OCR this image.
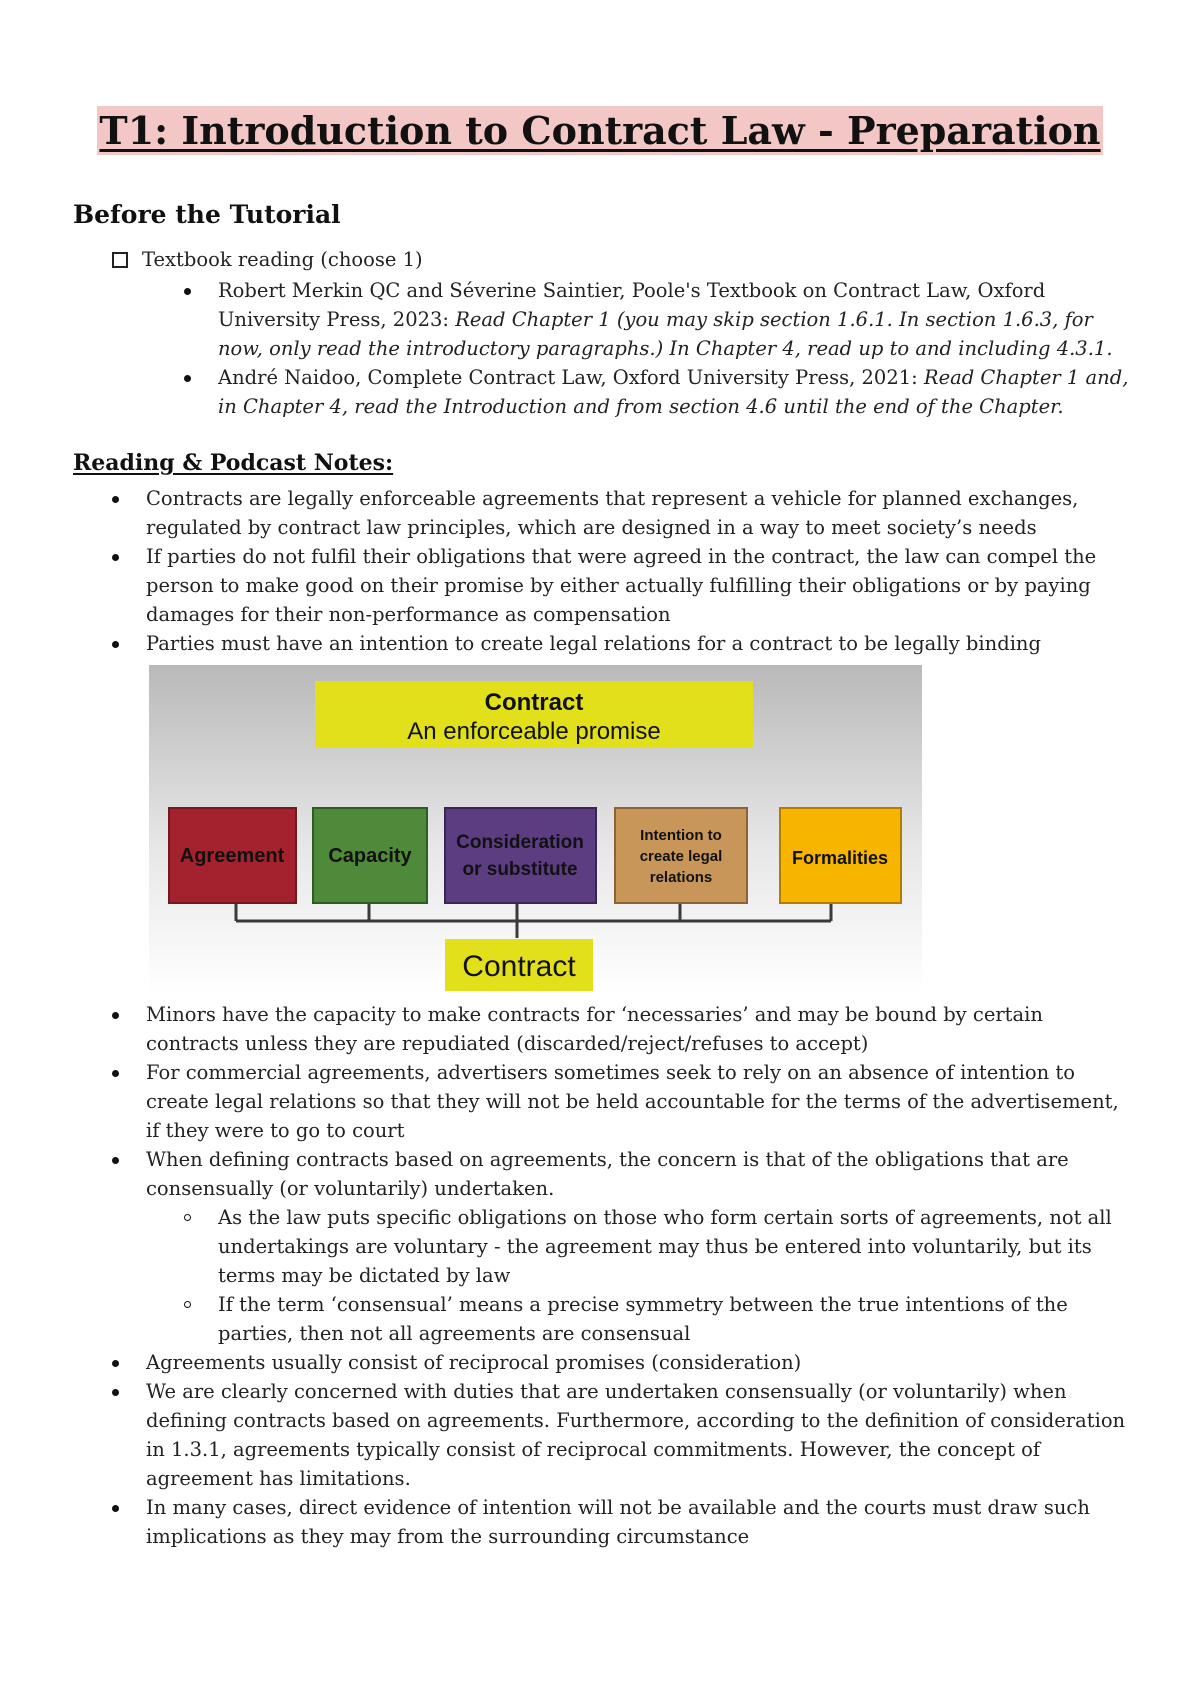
T1: Introduction to Contract Law - Preparation
Before the Tutorial
Textbook reading (choose 1)
Robert Merkin QC and Séverine Saintier, Poole's Textbook on Contract Law, Oxford University Press, 2023: Read Chapter 1 (you may skip section 1.6.1. In section 1.6.3, for now, only read the introductory paragraphs.) In Chapter 4, read up to and including 4.3.1.
André Naidoo, Complete Contract Law, Oxford University Press, 2021: Read Chapter 1 and, in Chapter 4, read the Introduction and from section 4.6 until the end of the Chapter.
Reading & Podcast Notes:
Contracts are legally enforceable agreements that represent a vehicle for planned exchanges, regulated by contract law principles, which are designed in a way to meet society’s needs
If parties do not fulfil their obligations that were agreed in the contract, the law can compel the person to make good on their promise by either actually fulfilling their obligations or by paying damages for their non-performance as compensation
Parties must have an intention to create legal relations for a contract to be legally binding
Contract
An enforceable promise
Agreement Capacity
Consideration
or substitute
Intention to
create legal
relations
Formalities
Contract
Minors have the capacity to make contracts for ‘necessaries’ and may be bound by certain contracts unless they are repudiated (discarded/reject/refuses to accept)
For commercial agreements, advertisers sometimes seek to rely on an absence of intention to create legal relations so that they will not be held accountable for the terms of the advertisement, if they were to go to court
When defining contracts based on agreements, the concern is that of the obligations that are consensually (or voluntarily) undertaken.
As the law puts specific obligations on those who form certain sorts of agreements, not all undertakings are voluntary - the agreement may thus be entered into voluntarily, but its terms may be dictated by law
If the term ‘consensual’ means a precise symmetry between the true intentions of the parties, then not all agreements are consensual
Agreements usually consist of reciprocal promises (consideration)
We are clearly concerned with duties that are undertaken consensually (or voluntarily) when defining contracts based on agreements. Furthermore, according to the definition of consideration in 1.3.1, agreements typically consist of reciprocal commitments. However, the concept of agreement has limitations.
In many cases, direct evidence of intention will not be available and the courts must draw such implications as they may from the surrounding circumstance
